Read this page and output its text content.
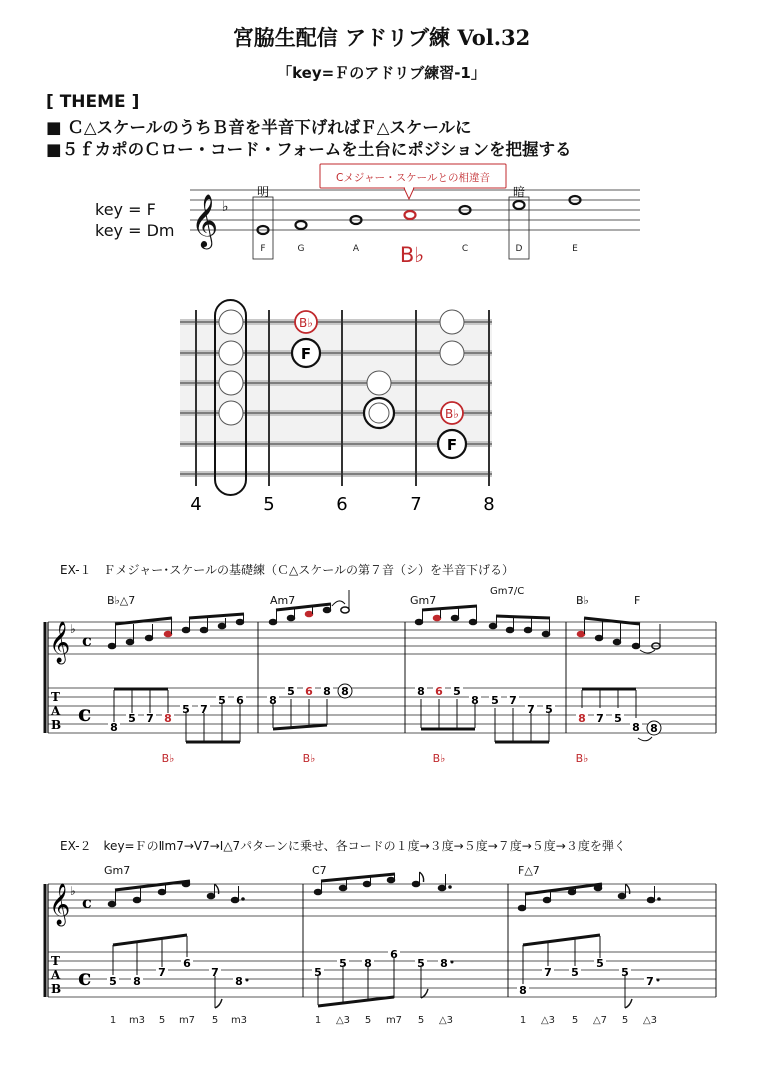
宮脇生配信 アドリブ練 Vol.32
「key=Ｆのアドリブ練習-1」
[ THEME ]
■ Ｃ△スケールのうちＢ音を半音下げればＦ△スケールに
■５ｆカポのＣロー・コード・フォームを土台にポジションを把握する
key = F
key = Dm
EX-１　Ｆメジャー･スケールの基礎練（Ｃ△スケールの第７音（シ）を半音下げる）
EX-２　key=ＦのⅡm7→Ⅴ7→Ⅰ△7パターンに乗せ、各コードの１度→３度→５度→７度→５度→３度を弾く
𝄞 ♭
明	暗
Cメジャー・スケールとの相違音
F	G	A B♭	C	D	E
F
F
B♭
B♭
4	5	6	7	8
B♭△7	Am7	Gm7
Gm7/C
B♭	F
𝄞 ♭
c
T
A
B c
8
5 7 8
5 7
5 6 8
5 6 8 8	8 6 5
8 5 7
7 5
8 7 5
8 8
B♭	B♭	B♭	B♭
Gm7	C7	F△7
𝄞 ♭
c
T
A
B c 5 8
7
6
7
8
5
5 8
6
5 8
8
7 5
5
5
7
1 m3 5 m7 5 m3	1 △3 5 m7 5 △3	1 △3 5 △7 5 △3
